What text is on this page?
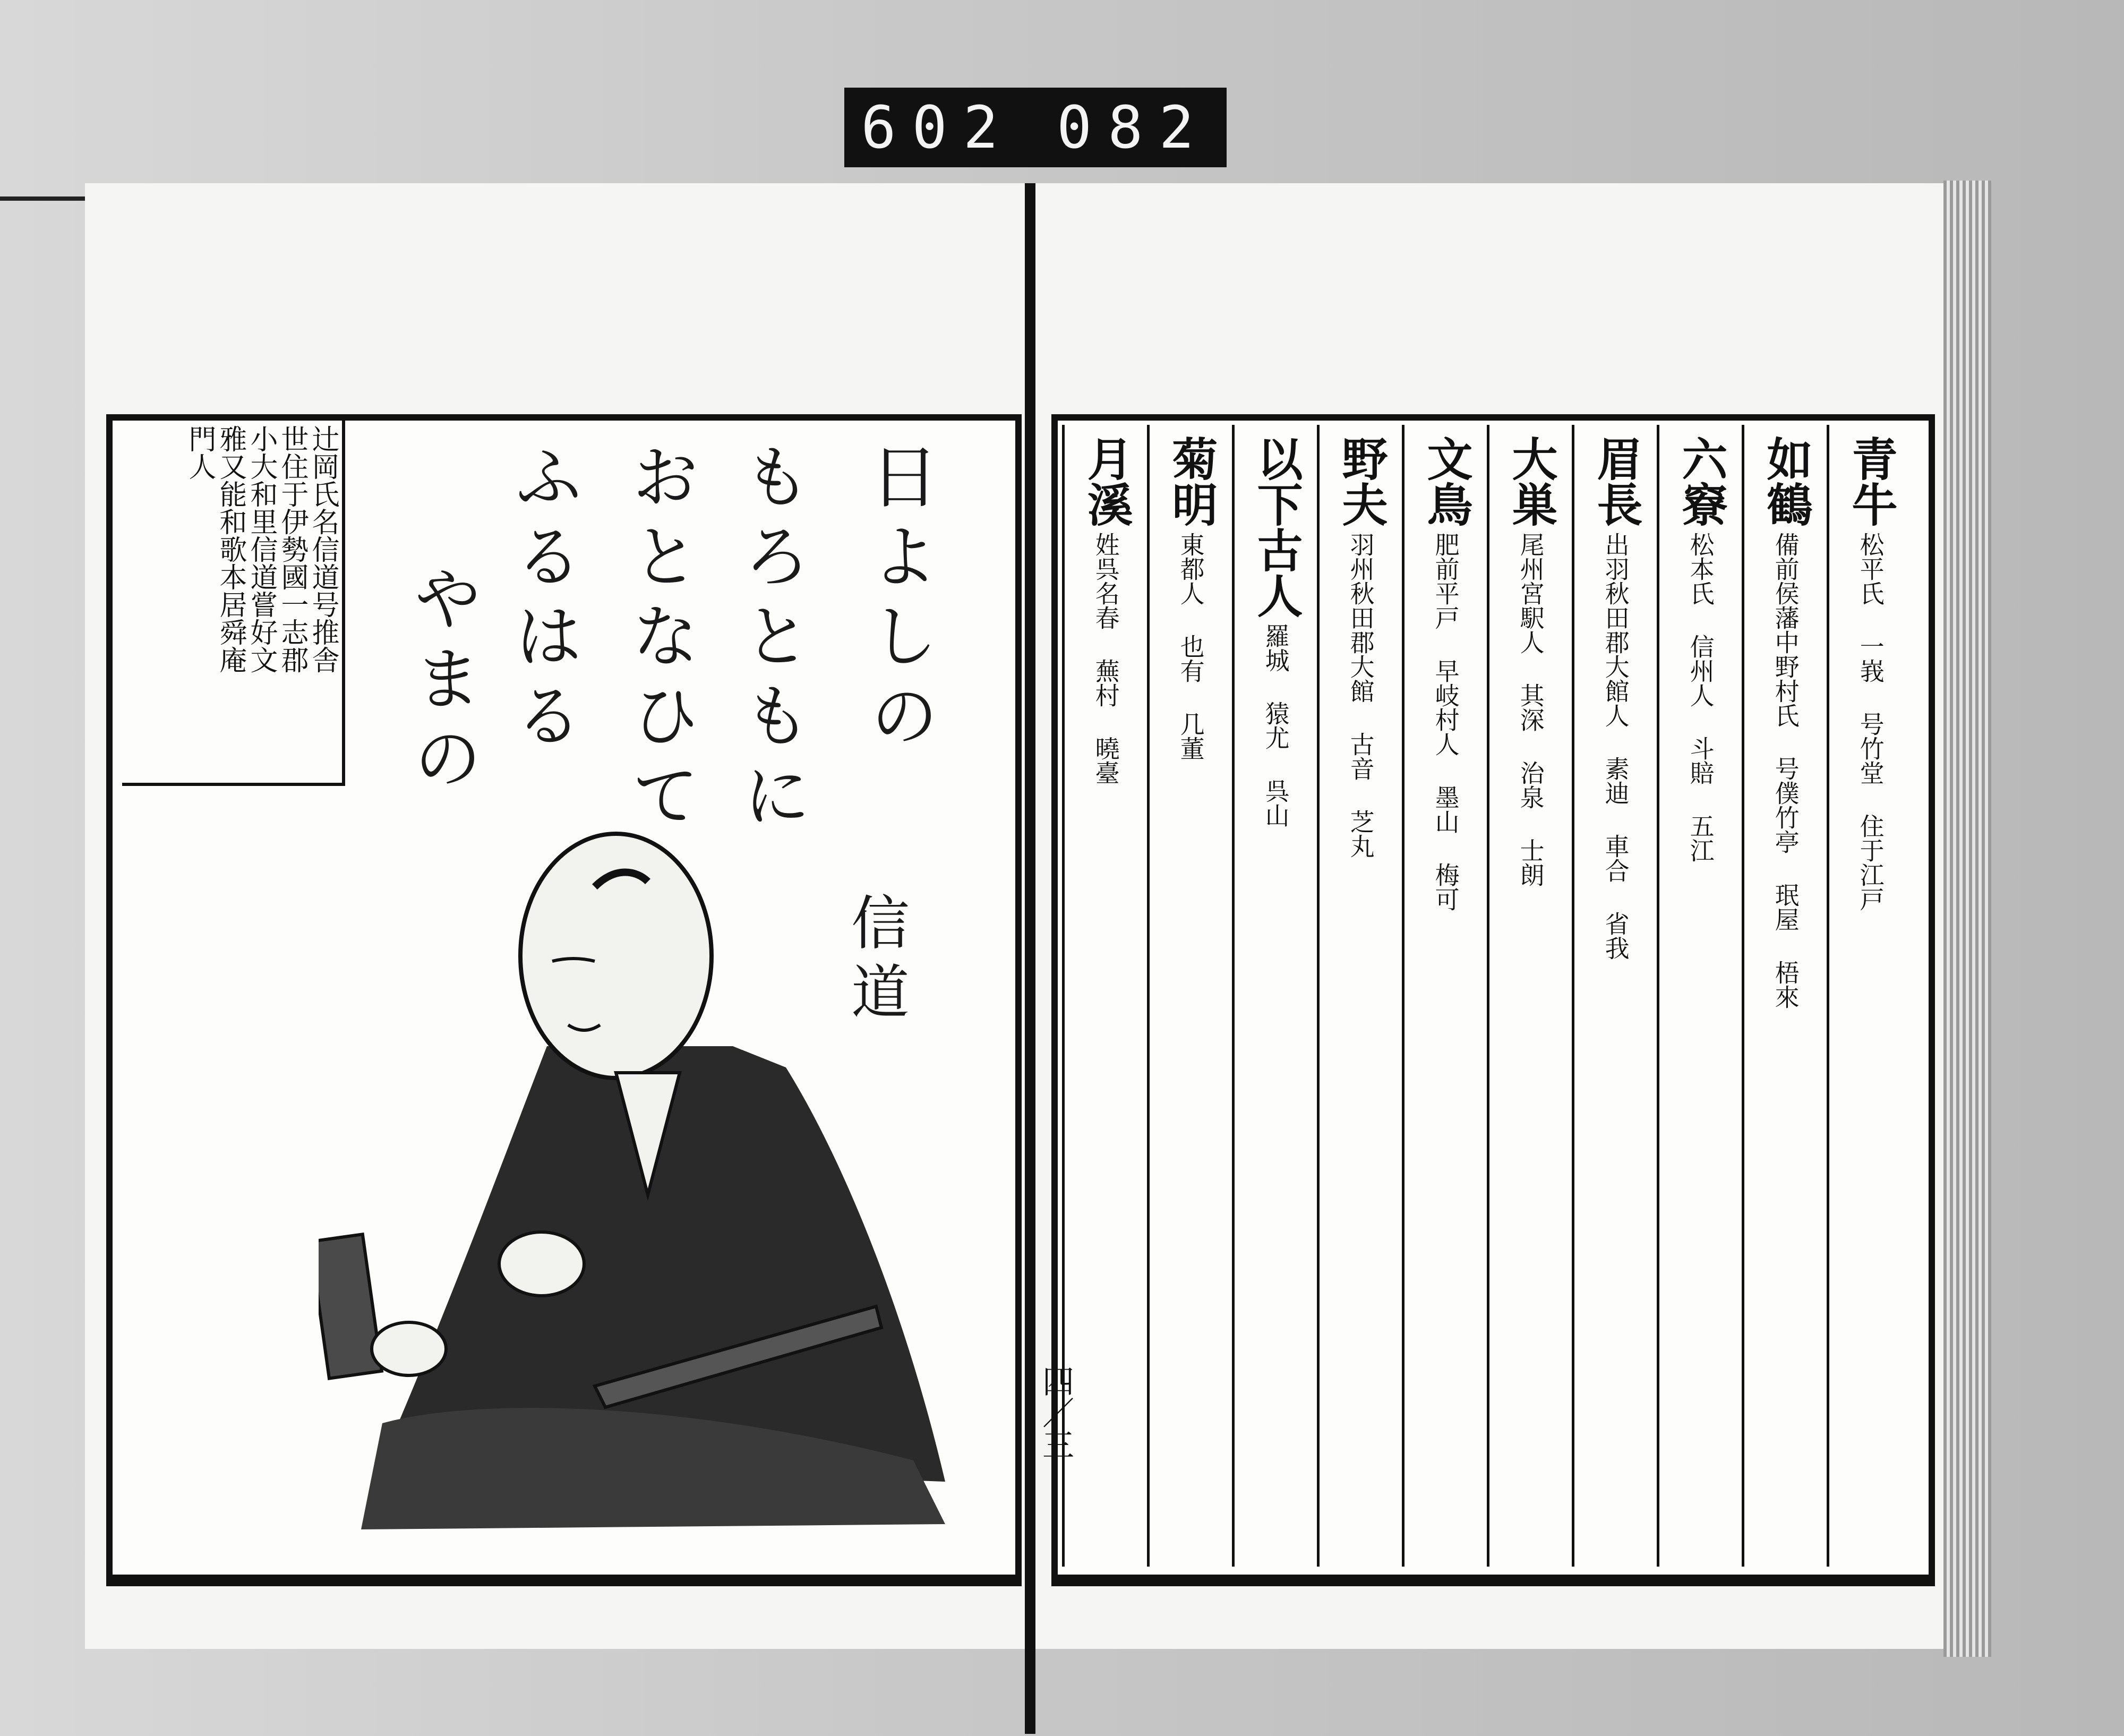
602 082
辻岡氏名信道号推舎
世住于伊勢國一志郡
小大和里信道嘗好文
雅又能和歌本居舜庵
門人	日よしの
もろともに
おとなひて
ふるはる
やまの
信道
青牛
松平氏 一峩 号竹堂 住于江戸
如鶴
備前侯藩中野村氏 号僕竹亭 珉屋 梧來
六竂
松本氏 信州人 斗賠 五江
眉長
出羽秋田郡大館人 素迪 車合 省我
大巣
尾州宮駅人 其深 治泉 士朗
文鳥
肥前平戸 早岐村人 墨山 梅可
野夫
羽州秋田郡大館 古音 芝丸
以下古人
羅城 猿尤 呉山
菊明
東都人 也有 几董
月溪
姓呉名春 蕪村 曉臺
四／三
